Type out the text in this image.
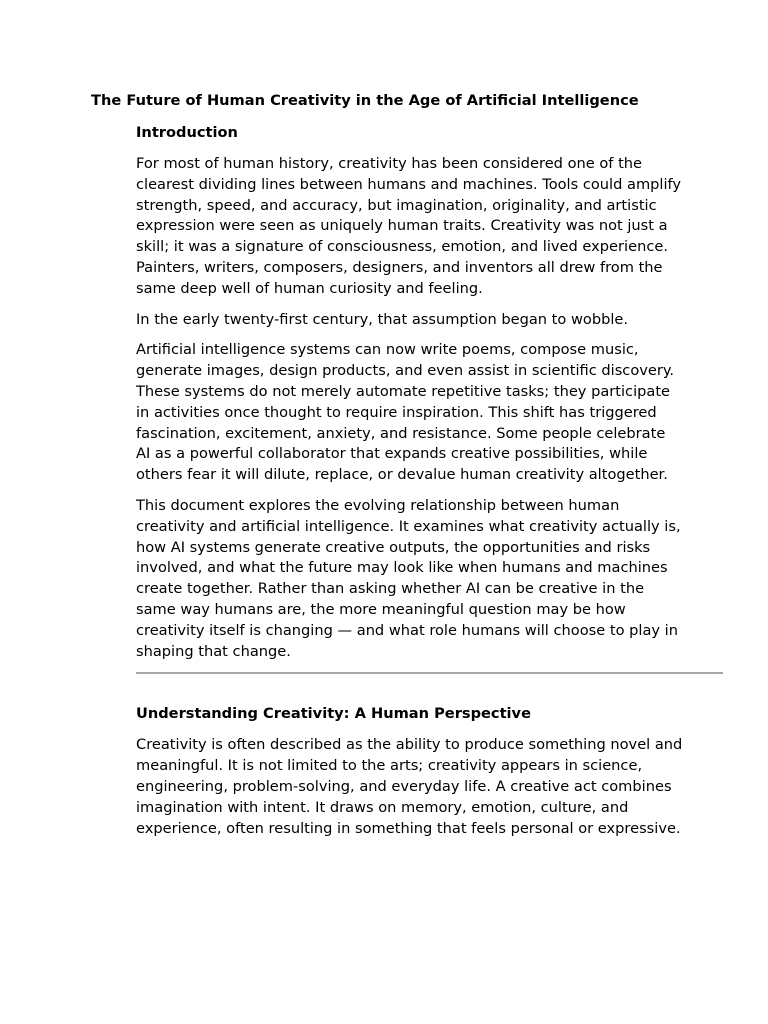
The Future of Human Creativity in the Age of Artificial Intelligence
Introduction

For most of human history, creativity has been considered one of the clearest dividing lines between humans and machines. Tools could amplify strength, speed, and accuracy, but imagination, originality, and artistic expression were seen as uniquely human traits. Creativity was not just a skill; it was a signature of consciousness, emotion, and lived experience. Painters, writers, composers, designers, and inventors all drew from the same deep well of human curiosity and feeling.

In the early twenty-first century, that assumption began to wobble.

Artificial intelligence systems can now write poems, compose music, generate images, design products, and even assist in scientific discovery. These systems do not merely automate repetitive tasks; they participate in activities once thought to require inspiration. This shift has triggered fascination, excitement, anxiety, and resistance. Some people celebrate AI as a powerful collaborator that expands creative possibilities, while others fear it will dilute, replace, or devalue human creativity altogether.

This document explores the evolving relationship between human creativity and artificial intelligence. It examines what creativity actually is, how AI systems generate creative outputs, the opportunities and risks involved, and what the future may look like when humans and machines create together. Rather than asking whether AI can be creative in the same way humans are, the more meaningful question may be how creativity itself is changing — and what role humans will choose to play in shaping that change.

Understanding Creativity: A Human Perspective

Creativity is often described as the ability to produce something novel and meaningful. It is not limited to the arts; creativity appears in science, engineering, problem-solving, and everyday life. A creative act combines imagination with intent. It draws on memory, emotion, culture, and experience, often resulting in something that feels personal or expressive.
